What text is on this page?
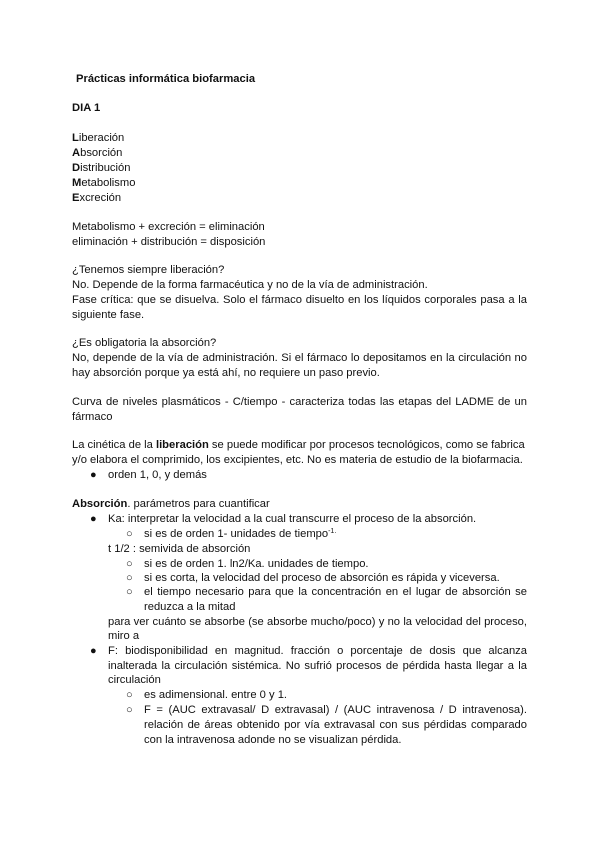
Prácticas informática biofarmacia
DIA 1
Liberación
Absorción
Distribución
Metabolismo
Excreción
Metabolismo + excreción = eliminación
eliminación + distribución = disposición
¿Tenemos siempre liberación?
No. Depende de la forma farmacéutica y no de la vía de administración.
Fase crítica: que se disuelva. Solo el fármaco disuelto en los líquidos corporales pasa a la
siguiente fase.
¿Es obligatoria la absorción?
No, depende de la vía de administración. Si el fármaco lo depositamos en la circulación no
hay absorción porque ya está ahí, no requiere un paso previo.
Curva de niveles plasmáticos - C/tiempo - caracteriza todas las etapas del LADME de un
fármaco
La cinética de la liberación se puede modificar por procesos tecnológicos, como se fabrica
y/o elabora el comprimido, los excipientes, etc. No es materia de estudio de la biofarmacia.
● orden 1, 0, y demás
Absorción. parámetros para cuantificar
● Ka: interpretar la velocidad a la cual transcurre el proceso de la absorción.
○ si es de orden 1- unidades de tiempo$^{-1.}$
t 1/2 : semivida de absorción
○ si es de orden 1. ln2/Ka. unidades de tiempo.
○ si es corta, la velocidad del proceso de absorción es rápida y viceversa.
○ el tiempo necesario para que la concentración en el lugar de absorción se
reduzca a la mitad
para ver cuánto se absorbe (se absorbe mucho/poco) y no la velocidad del proceso,
miro a
● F: biodisponibilidad en magnitud. fracción o porcentaje de dosis que alcanza
inalterada la circulación sistémica. No sufrió procesos de pérdida hasta llegar a la
circulación
○ es adimensional. entre 0 y 1.
○ F = (AUC extravasal/ D extravasal) / (AUC intravenosa / D intravenosa).
relación de áreas obtenido por vía extravasal con sus pérdidas comparado
con la intravenosa adonde no se visualizan pérdida.
